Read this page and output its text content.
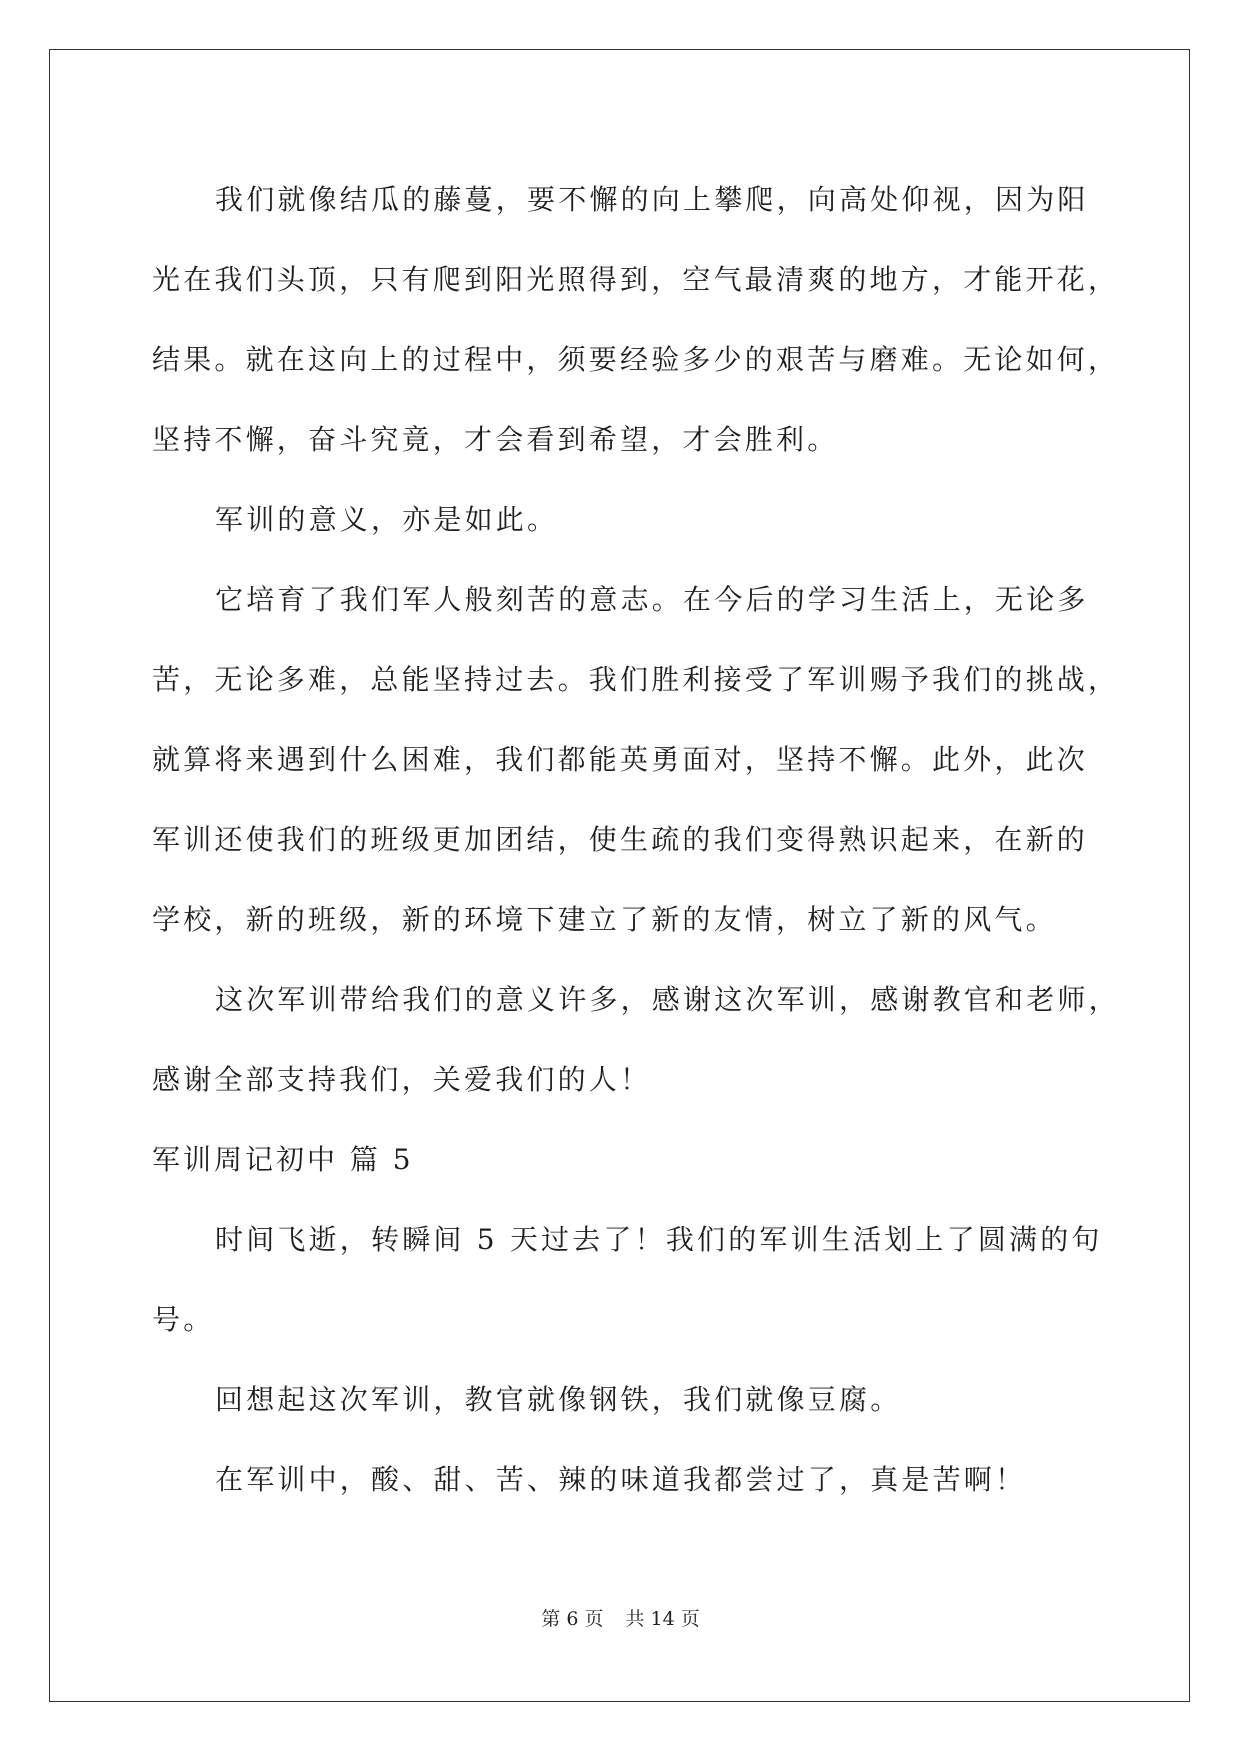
我们就像结瓜的藤蔓，要不懈的向上攀爬，向高处仰视，因为阳
光在我们头顶，只有爬到阳光照得到，空气最清爽的地方，才能开花，
结果。就在这向上的过程中，须要经验多少的艰苦与磨难。无论如何，
坚持不懈，奋斗究竟，才会看到希望，才会胜利。
军训的意义，亦是如此。
它培育了我们军人般刻苦的意志。在今后的学习生活上，无论多
苦，无论多难，总能坚持过去。我们胜利接受了军训赐予我们的挑战，
就算将来遇到什么困难，我们都能英勇面对，坚持不懈。此外，此次
军训还使我们的班级更加团结，使生疏的我们变得熟识起来，在新的
学校，新的班级，新的环境下建立了新的友情，树立了新的风气。
这次军训带给我们的意义许多，感谢这次军训，感谢教官和老师，
感谢全部支持我们，关爱我们的人！
军训周记初中 篇 5
时间飞逝，转瞬间 5 天过去了！我们的军训生活划上了圆满的句
号。
回想起这次军训，教官就像钢铁，我们就像豆腐。
在军训中，酸、甜、苦、辣的味道我都尝过了，真是苦啊！
第 6 页 共 14 页
